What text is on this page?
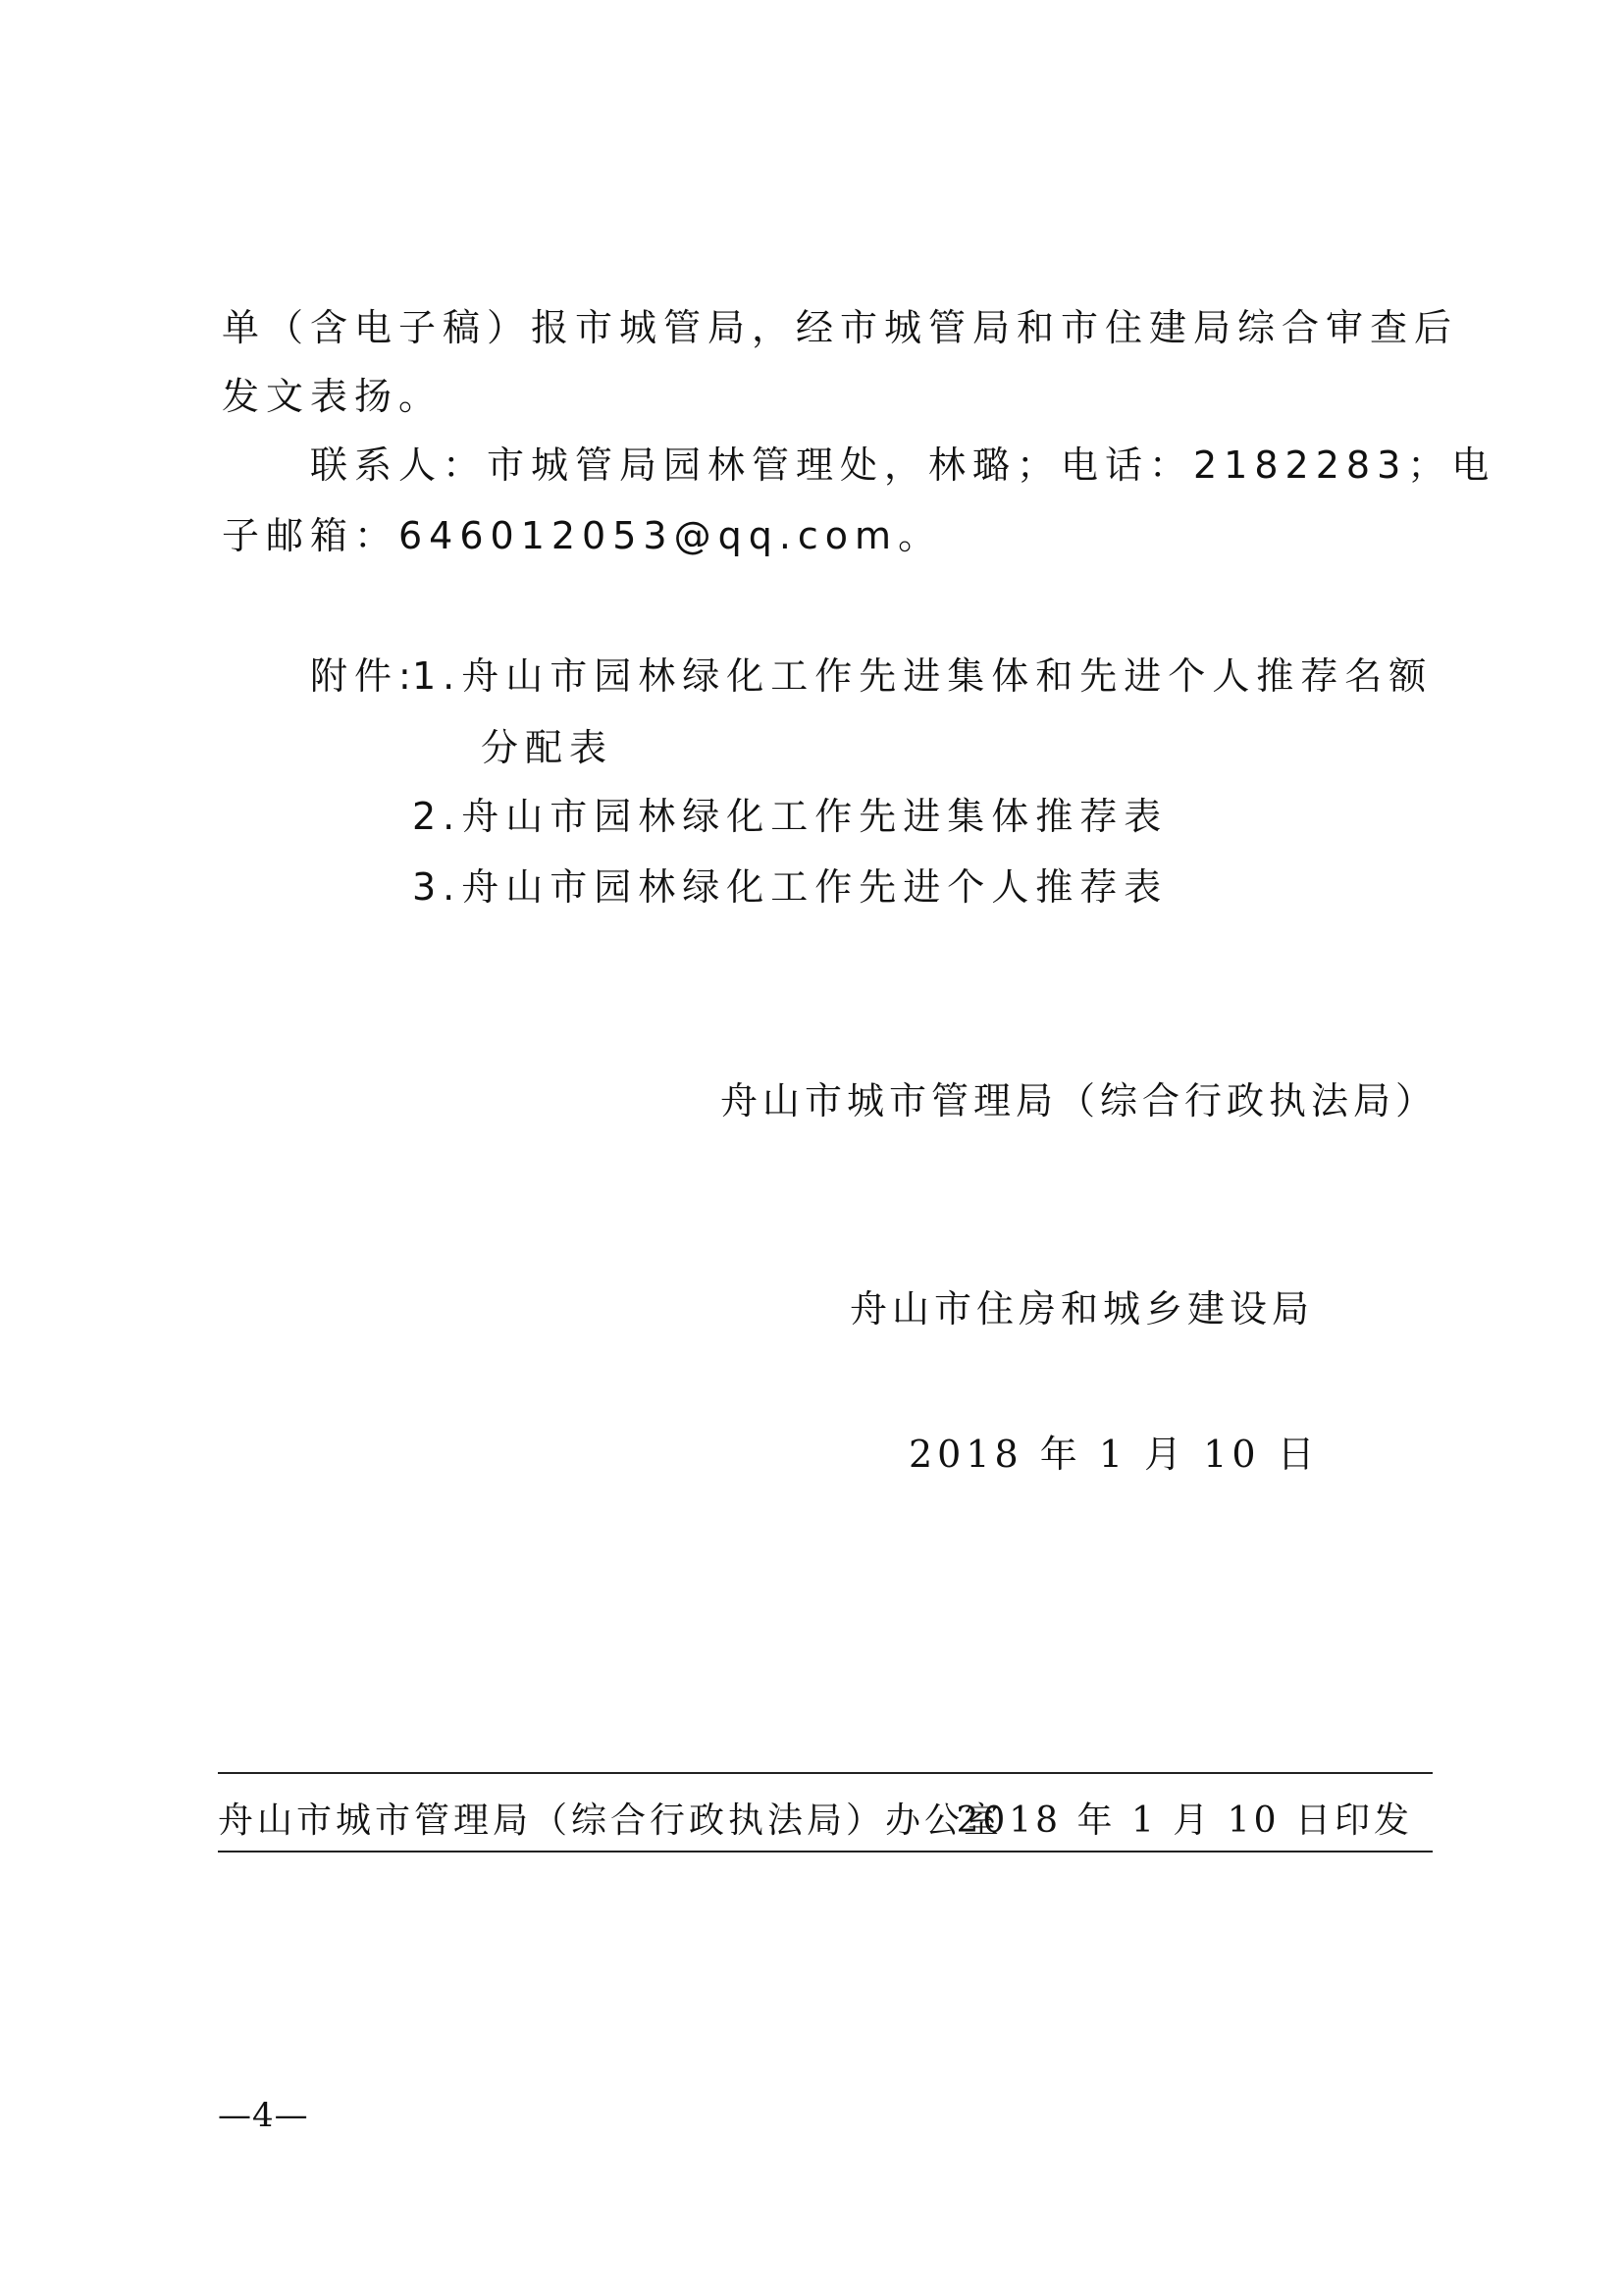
单（含电子稿）报市城管局，经市城管局和市住建局综合审查后
发文表扬。
联系人：市城管局园林管理处，林璐；电话：2182283；电
子邮箱：646012053@qq.com。
附件:
1.舟山市园林绿化工作先进集体和先进个人推荐名额
分配表
2.舟山市园林绿化工作先进集体推荐表
3.舟山市园林绿化工作先进个人推荐表
舟山市城市管理局（综合行政执法局）
舟山市住房和城乡建设局
2018 年 1 月 10 日
舟山市城市管理局（综合行政执法局）办公室
2018 年 1 月 10 日印发
—4—
